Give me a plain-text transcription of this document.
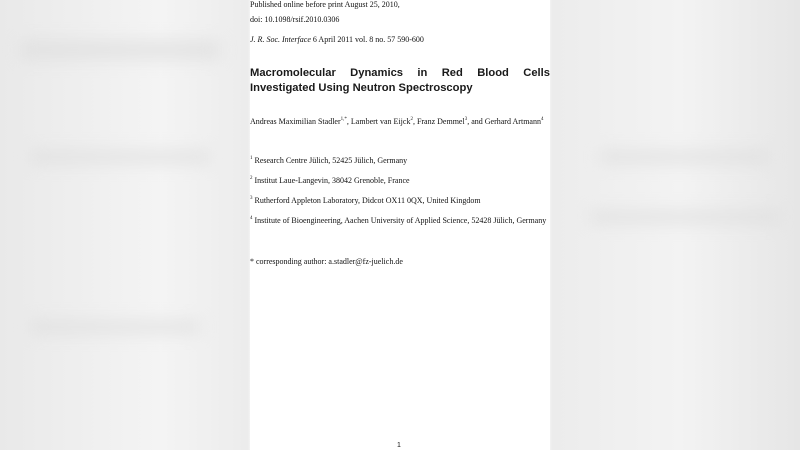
Published online before print August 25, 2010,
doi: 10.1098/rsif.2010.0306
J. R. Soc. Interface 6 April 2011 vol. 8 no. 57 590-600
Macromolecular Dynamics in Red Blood Cells Investigated Using Neutron Spectroscopy
Andreas Maximilian Stadler$^{1,*}$, Lambert van Eijck$^2$, Franz Demmel$^3$, and Gerhard Artmann$^4$
$^1$ Research Centre Jülich, 52425 Jülich, Germany
$^2$ Institut Laue-Langevin, 38042 Grenoble, France
$^3$ Rutherford Appleton Laboratory, Didcot OX11 0QX, United Kingdom
$^4$ Institute of Bioengineering, Aachen University of Applied Science, 52428 Jülich, Germany
* corresponding author: a.stadler@fz-juelich.de
1
